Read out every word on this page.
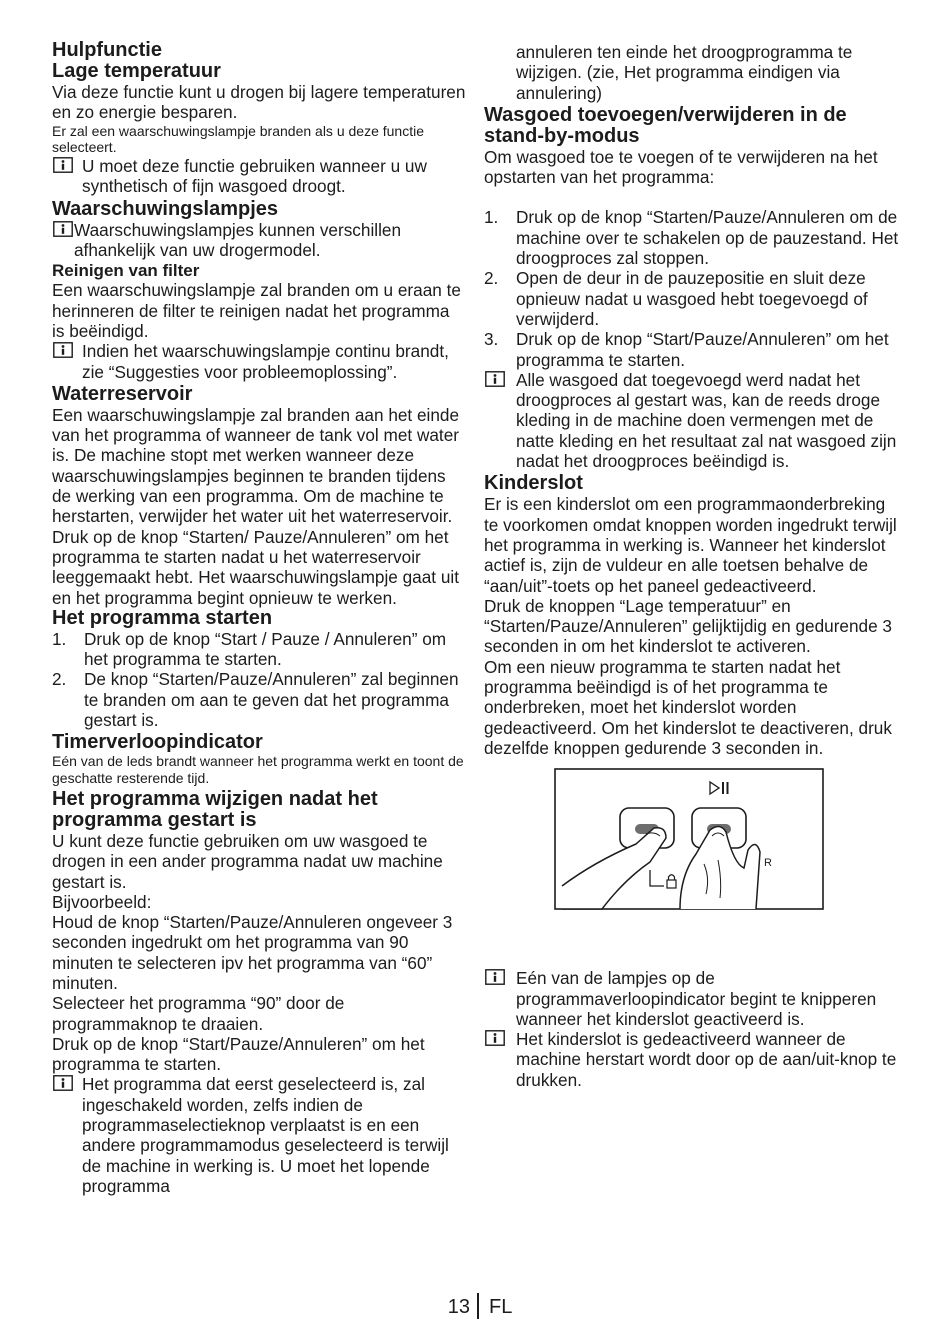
Hulpfunctie
Lage temperatuur

Via deze functie kunt u drogen bij lagere temperaturen en zo energie besparen.

Er zal een waarschuwingslampje branden als u deze functie selecteert.

U moet deze functie gebruiken wanneer u uw synthetisch of fijn wasgoed droogt.
Waarschuwingslampjes
Waarschuwingslampjes kunnen verschillen afhankelijk van uw drogermodel.
Reinigen van filter

Een waarschuwingslampje zal branden om u eraan te herinneren de filter te reinigen nadat het programma is beëindigd.

Indien het waarschuwingslampje continu brandt, zie “Suggesties voor probleemoplossing”.
Waterreservoir

Een waarschuwingslampje zal branden aan het einde van het programma of wanneer de tank vol met water is. De machine stopt met werken wanneer deze waarschuwingslampjes beginnen te branden tijdens de werking van een programma. Om de machine te herstarten, verwijder het water uit het waterreservoir. Druk op de knop “Starten/ Pauze/Annuleren” om het programma te starten nadat u het waterreservoir leeggemaakt hebt. Het waarschuwingslampje gaat uit en het programma begint opnieuw te werken.

Het programma starten
1. Druk op de knop “Start / Pauze / Annuleren” om het programma te starten.
2. De knop “Starten/Pauze/Annuleren” zal beginnen te branden om aan te geven dat het programma gestart is.
Timerverloopindicator

Eén van de leds brandt wanneer het programma werkt en toont de geschatte resterende tijd.

Het programma wijzigen nadat het programma gestart is

U kunt deze functie gebruiken om uw wasgoed te drogen in een ander programma nadat uw machine gestart is.

Bijvoorbeeld:

Houd de knop “Starten/Pauze/Annuleren ongeveer 3 seconden ingedrukt om het programma van 90 minuten te selecteren ipv het programma van “60” minuten.

Selecteer het programma “90” door de programmaknop te draaien.

Druk op de knop “Start/Pauze/Annuleren” om het programma te starten.

Het programma dat eerst geselecteerd is, zal ingeschakeld worden, zelfs indien de programmaselectieknop verplaatst is en een andere programmamodus geselecteerd is terwijl de machine in werking is. U moet het lopende programma
annuleren ten einde het droogprogramma te wijzigen. (zie, Het programma eindigen via annulering)
Wasgoed toevoegen/verwijderen in de stand-by-modus

Om wasgoed toe te voegen of te verwijderen na het opstarten van het programma:

1. Druk op de knop “Starten/Pauze/Annuleren om de machine over te schakelen op de pauzestand. Het droogproces zal stoppen.
2. Open de deur in de pauzepositie en sluit deze opnieuw nadat u wasgoed hebt toegevoegd of verwijderd.
3. Druk op de knop “Start/Pauze/Annuleren” om het programma te starten.
Alle wasgoed dat toegevoegd werd nadat het droogproces al gestart was, kan de reeds droge kleding in de machine doen vermengen met de natte kleding en het resultaat zal nat wasgoed zijn nadat het droogproces beëindigd is.
Kinderslot

Er is een kinderslot om een programmaonderbreking te voorkomen omdat knoppen worden ingedrukt terwijl het programma in werking is. Wanneer het kinderslot actief is, zijn de vuldeur en alle toetsen behalve de “aan/uit”-toets op het paneel gedeactiveerd.

Druk de knoppen “Lage temperatuur” en “Starten/Pauze/Annuleren” gelijktijdig en gedurende 3 seconden in om het kinderslot te activeren.

Om een nieuw programma te starten nadat het programma beëindigd is of het programma te onderbreken, moet het kinderslot worden gedeactiveerd. Om het kinderslot te deactiveren, druk dezelfde knoppen gedurende 3 seconden in.

R
Eén van de lampjes op de programmaverloopindicator begint te knipperen wanneer het kinderslot geactiveerd is.
Het kinderslot is gedeactiveerd wanneer de machine herstart wordt door op de aan/uit-knop te drukken.
13 FL
